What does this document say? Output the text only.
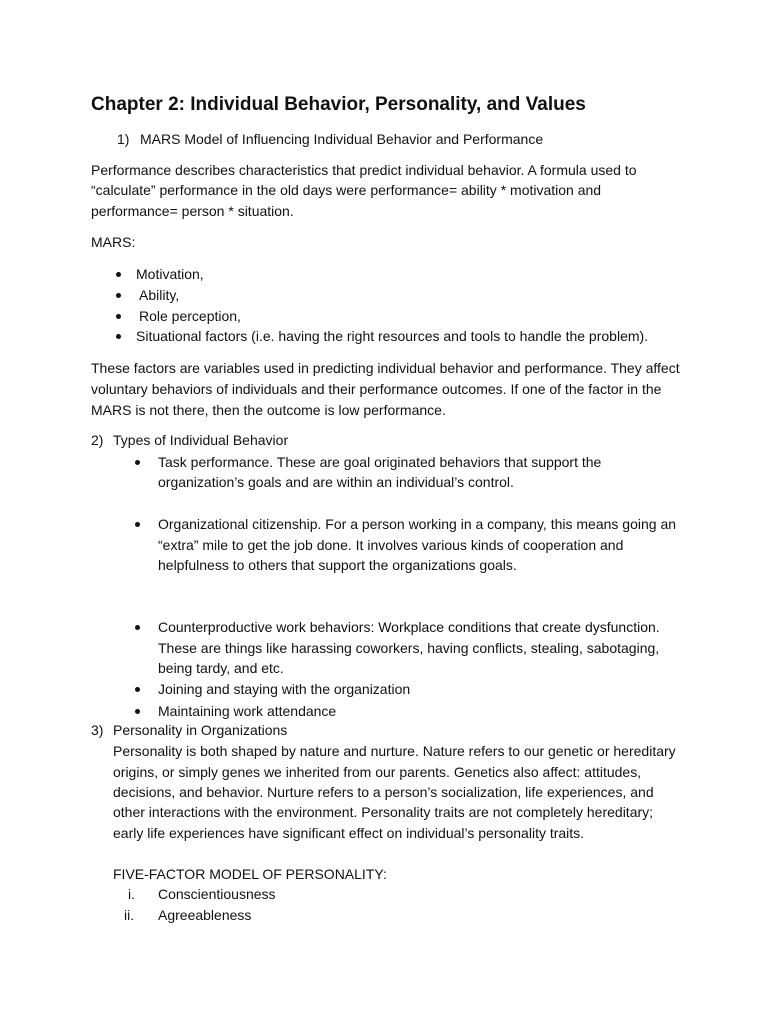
Chapter 2: Individual Behavior, Personality, and Values
1) MARS Model of Influencing Individual Behavior and Performance
Performance describes characteristics that predict individual behavior. A formula used to
“calculate” performance in the old days were performance= ability * motivation and
performance= person * situation.
MARS:
Motivation,
Ability,
Role perception,
Situational factors (i.e. having the right resources and tools to handle the problem).
These factors are variables used in predicting individual behavior and performance. They affect
voluntary behaviors of individuals and their performance outcomes. If one of the factor in the
MARS is not there, then the outcome is low performance.
2) Types of Individual Behavior
Task performance. These are goal originated behaviors that support the
organization’s goals and are within an individual’s control.
Organizational citizenship. For a person working in a company, this means going an
“extra” mile to get the job done. It involves various kinds of cooperation and
helpfulness to others that support the organizations goals.
Counterproductive work behaviors: Workplace conditions that create dysfunction.
These are things like harassing coworkers, having conflicts, stealing, sabotaging,
being tardy, and etc.
Joining and staying with the organization
Maintaining work attendance
3) Personality in Organizations
Personality is both shaped by nature and nurture. Nature refers to our genetic or hereditary
origins, or simply genes we inherited from our parents. Genetics also affect: attitudes,
decisions, and behavior. Nurture refers to a person’s socialization, life experiences, and
other interactions with the environment. Personality traits are not completely hereditary;
early life experiences have significant effect on individual’s personality traits.
FIVE-FACTOR MODEL OF PERSONALITY:
i. Conscientiousness
ii. Agreeableness
